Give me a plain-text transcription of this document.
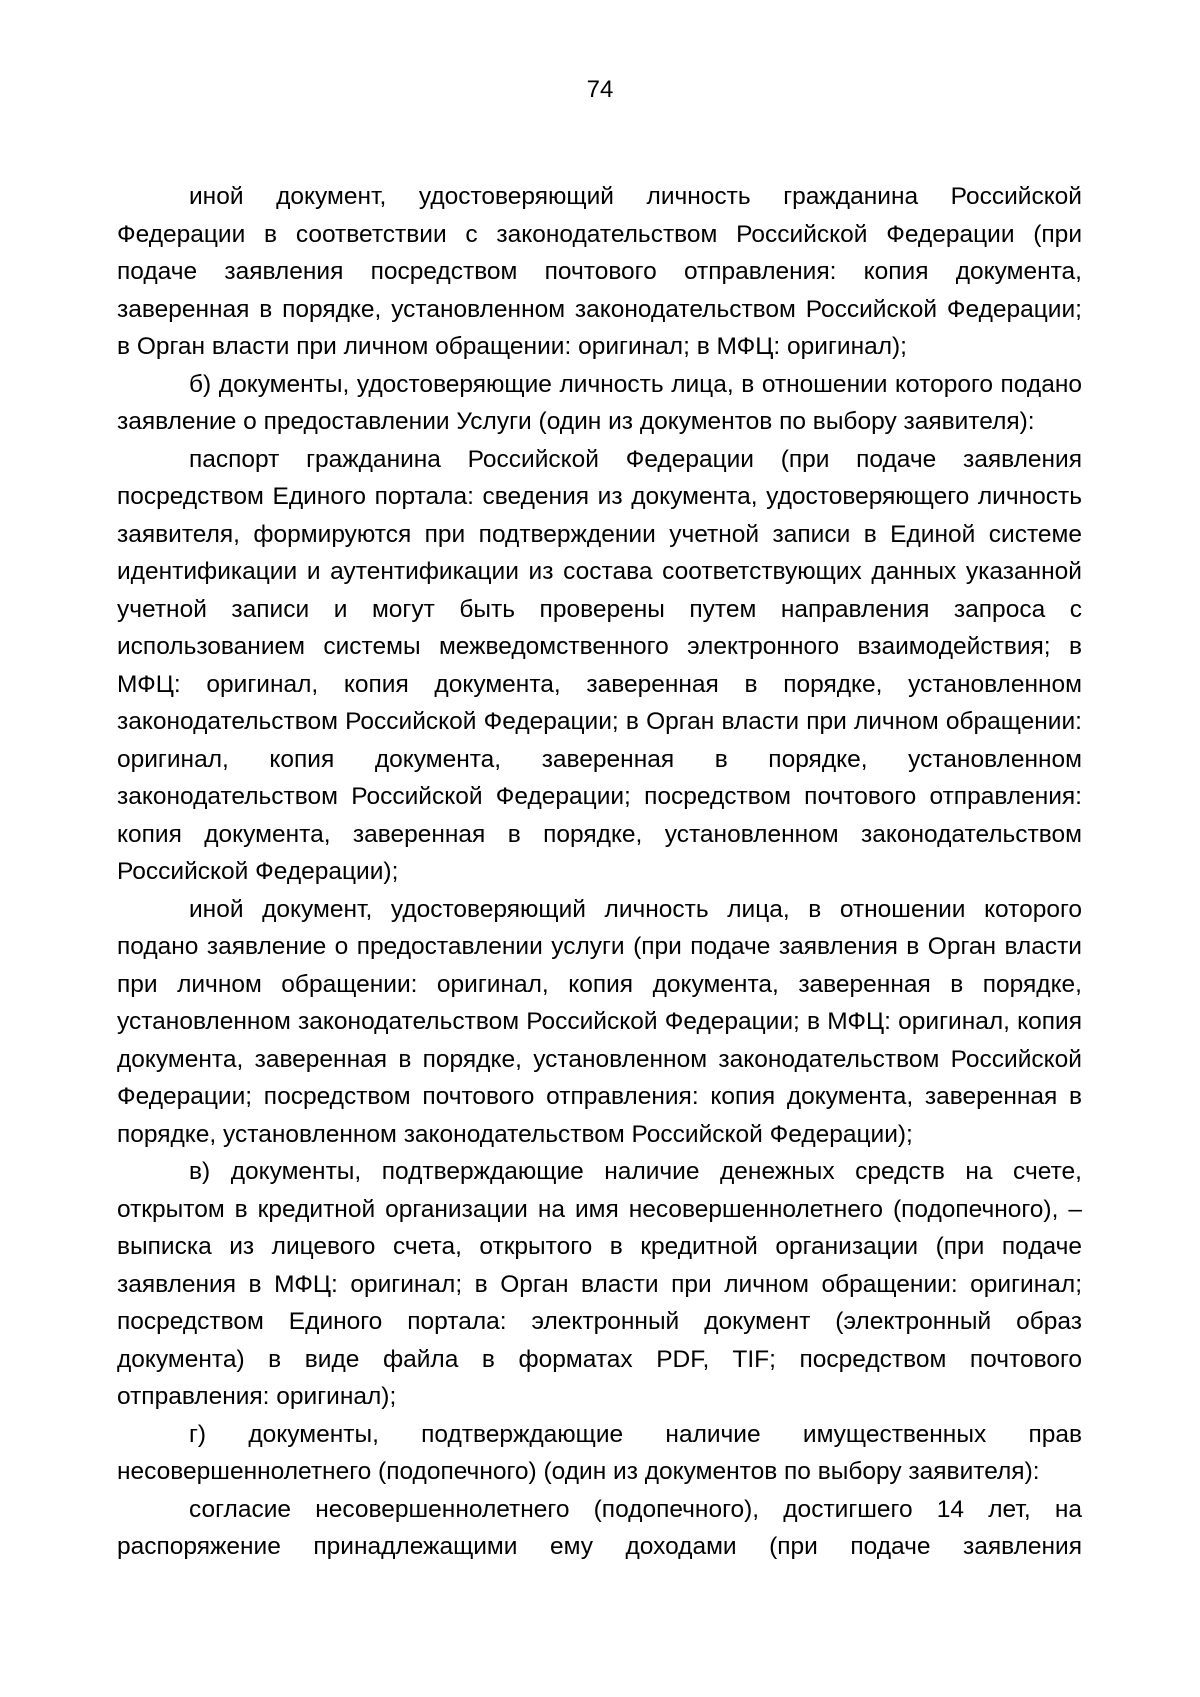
74

иной документ, удостоверяющий личность гражданина Российской Федерации в соответствии с законодательством Российской Федерации (при подаче заявления посредством почтового отправления: копия документа, заверенная в порядке, установленном законодательством Российской Федерации; в Орган власти при личном обращении: оригинал; в МФЦ: оригинал);

б) документы, удостоверяющие личность лица, в отношении которого подано заявление о предоставлении Услуги (один из документов по выбору заявителя):

паспорт гражданина Российской Федерации (при подаче заявления посредством Единого портала: сведения из документа, удостоверяющего личность заявителя, формируются при подтверждении учетной записи в Единой системе идентификации и аутентификации из состава соответствующих данных указанной учетной записи и могут быть проверены путем направления запроса с использованием системы межведомственного электронного взаимодействия; в МФЦ: оригинал, копия документа, заверенная в порядке, установленном законодательством Российской Федерации; в Орган власти при личном обращении: оригинал, копия документа, заверенная в порядке, установленном законодательством Российской Федерации; посредством почтового отправления: копия документа, заверенная в порядке, установленном законодательством Российской Федерации);

иной документ, удостоверяющий личность лица, в отношении которого подано заявление о предоставлении услуги (при подаче заявления в Орган власти при личном обращении: оригинал, копия документа, заверенная в порядке, установленном законодательством Российской Федерации; в МФЦ: оригинал, копия документа, заверенная в порядке, установленном законодательством Российской Федерации; посредством почтового отправления: копия документа, заверенная в порядке, установленном законодательством Российской Федерации);

в) документы, подтверждающие наличие денежных средств на счете, открытом в кредитной организации на имя несовершеннолетнего (подопечного), – выписка из лицевого счета, открытого в кредитной организации (при подаче заявления в МФЦ: оригинал; в Орган власти при личном обращении: оригинал; посредством Единого портала: электронный документ (электронный образ документа) в виде файла в форматах PDF, TIF; посредством почтового отправления: оригинал);

г) документы, подтверждающие наличие имущественных прав несовершеннолетнего (подопечного) (один из документов по выбору заявителя):

согласие несовершеннолетнего (подопечного), достигшего 14 лет, на распоряжение принадлежащими ему доходами (при подаче заявления
